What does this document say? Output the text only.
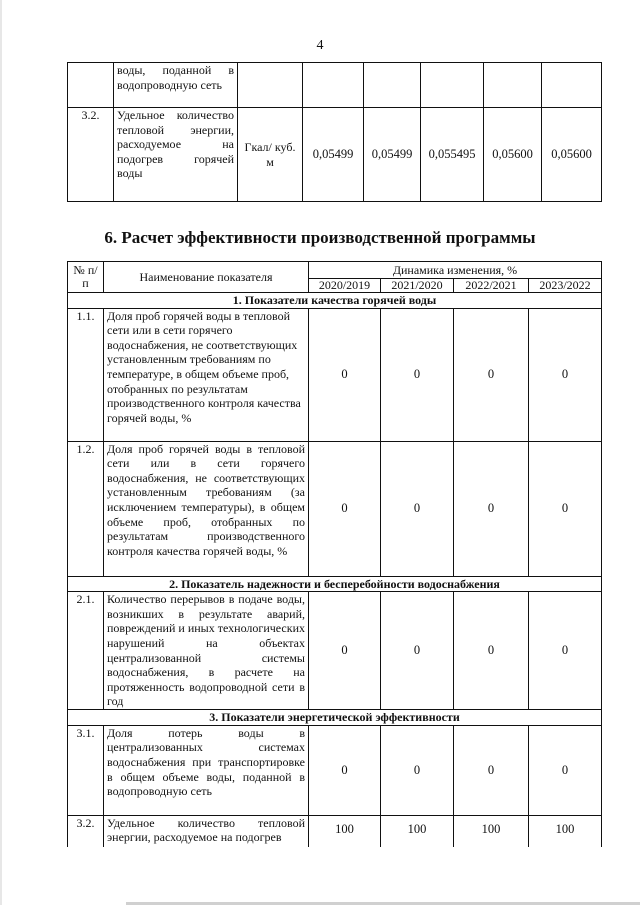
4
	воды, поданной в водопроводную сеть						
3.2.	Удельное количество тепловой энергии, расходуемое на подогрев горячей воды	Гкал/ куб. м	0,05499	0,05499	0,055495	0,05600	0,05600
6. Расчет эффективности производственной программы
№ п/п	Наименование показателя	Динамика изменения, %			
		2020/2019	2021/2020	2022/2021	2023/2022
1. Показатели качества горячей воды					
1.1.	Доля проб горячей воды в тепловой сети или в сети горячего водоснабжения, не соответствующих установленным требованиям по температуре, в общем объеме проб, отобранных по результатам производственного контроля качества горячей воды, %	0	0	0	0
1.2.	Доля проб горячей воды в тепловой сети или в сети горячего водоснабжения, не соответствующих установленным требованиям (за исключением температуры), в общем объеме проб, отобранных по результатам производственного контроля качества горячей воды, %	0	0	0	0
2. Показатель надежности и бесперебойности водоснабжения					
2.1.	Количество перерывов в подаче воды, возникших в результате аварий, повреждений и иных технологических нарушений на объектах централизованной системы водоснабжения, в расчете на протяженность водопроводной сети в год	0	0	0	0
3. Показатели энергетической эффективности					
3.1.	Доля потерь воды в централизованных системах водоснабжения при транспортировке в общем объеме воды, поданной в водопроводную сеть	0	0	0	0
3.2.	Удельное количество тепловой энергии, расходуемое на подогрев	100	100	100	100
